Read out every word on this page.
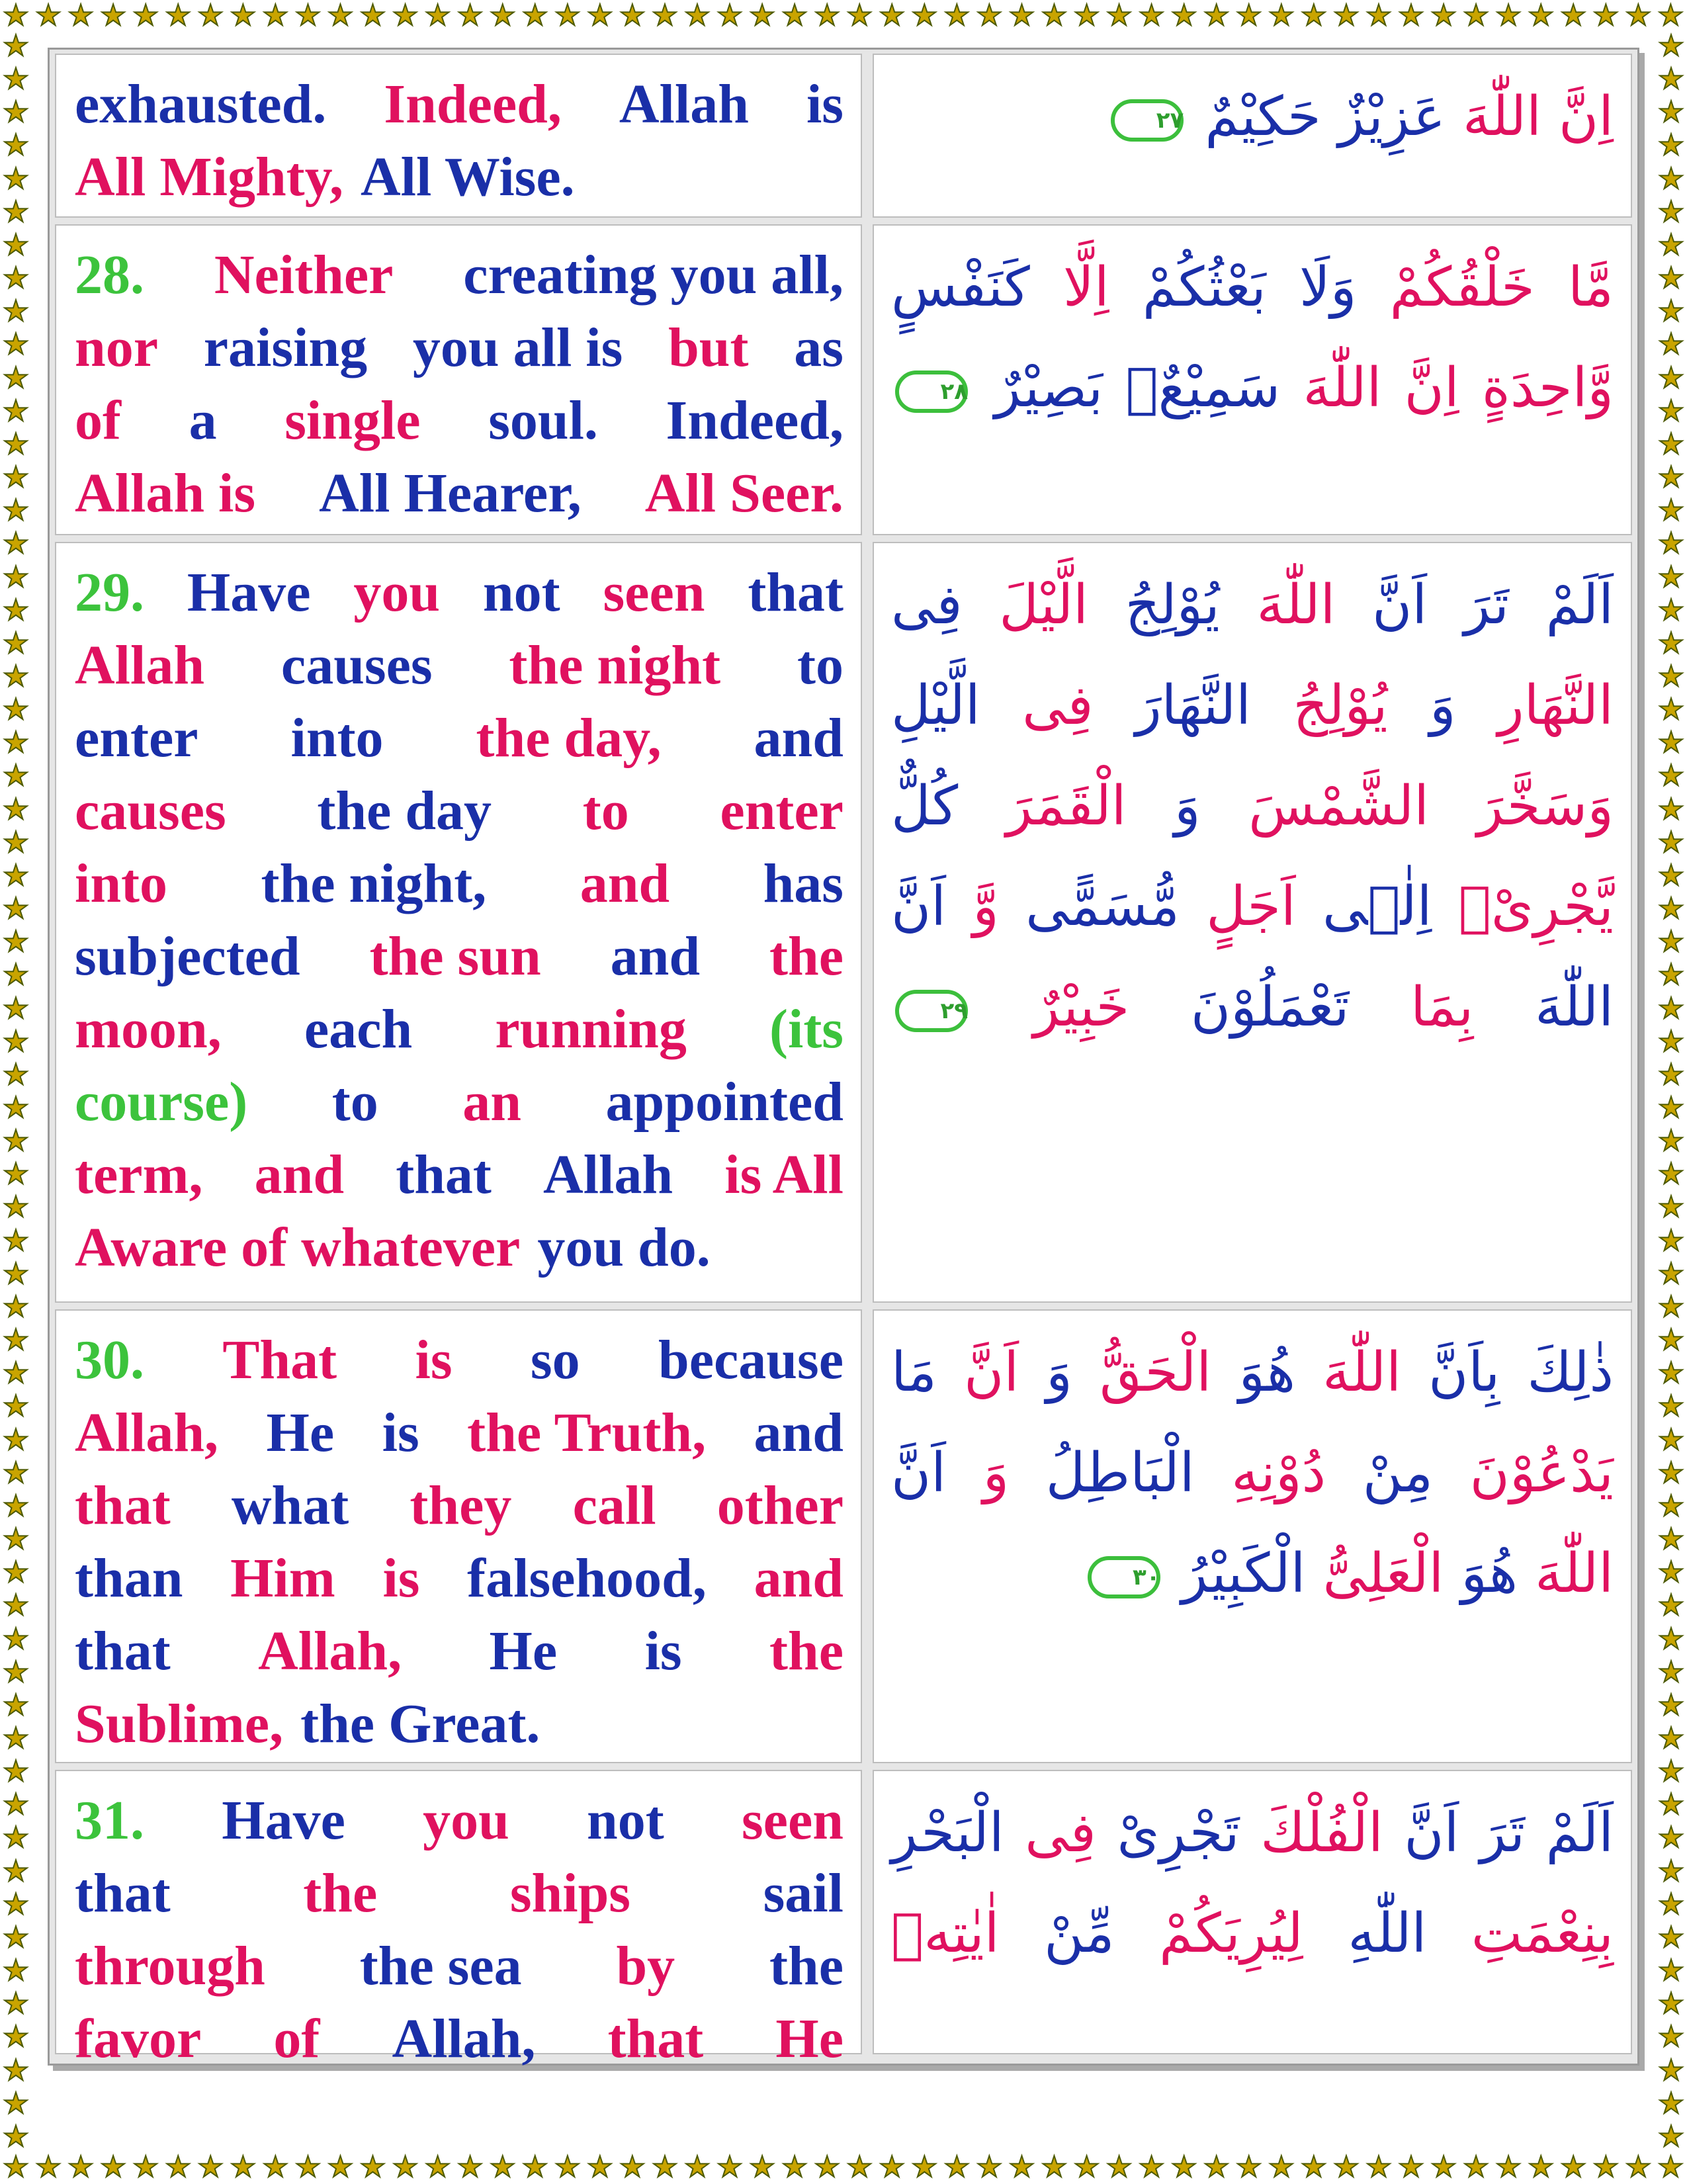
★ ★ ★ ★ ★ ★ ★ ★ ★ ★ ★ ★ ★ ★ ★ ★ ★ ★ ★ ★ ★ ★ ★ ★ ★ ★ ★ ★ ★ ★ ★ ★ ★ ★ ★ ★ ★ ★ ★ ★ ★ ★ ★ ★ ★ ★ ★ ★ ★ ★ ★ ★
★ ★ ★ ★ ★ ★ ★ ★ ★ ★ ★ ★ ★ ★ ★ ★ ★ ★ ★ ★ ★ ★ ★ ★ ★ ★ ★ ★ ★ ★ ★ ★ ★ ★ ★ ★ ★ ★ ★ ★ ★ ★ ★ ★ ★ ★ ★ ★ ★ ★ ★ ★
★
★
★
★
★
★
★
★
★
★
★
★
★
★
★
★
★
★
★
★
★
★
★
★
★
★
★
★
★
★
★
★
★
★
★
★
★
★
★
★
★
★
★
★
★
★
★
★
★
★
★
★
★
★
★
★
★
★
★
★
★
★
★
★
★
★
★
★
★
★
★
★
★
★
★
★
★
★
★
★
★
★
★
★
★
★
★
★
★
★
★
★
★
★
★
★
★
★
★
★
★
★
★
★
★
★
★
★
★
★
★
★
★
★
★
★
★
★
★
★
★
★
★
★
★
★
★
★
exhausted. Indeed, Allah is
All Mighty, All Wise.
اِنَّ اللّٰهَ عَزِیْزٌ حَكِیْمٌ
۲۷
28. Neither creating you all,
nor raising you all is but as
of a single soul. Indeed,
Allah is All Hearer, All Seer.
مَّا خَلْقُكُمْ وَلَا بَعْثُكُمْ اِلَّا كَنَفْسٍ
وَّاحِدَةٍ اِنَّ اللّٰهَ سَمِیْعٌۢ بَصِیْرٌ
۲۸
29. Have you not seen that
Allah causes the night to
enter into the day, and
causes the day to enter
into the night, and has
subjected the sun and the
moon, each running (its
course) to an appointed
term, and that Allah is All
Aware of whatever you do.
اَلَمْ تَرَ اَنَّ اللّٰهَ یُوْلِجُ الَّیْلَ فِی
النَّهَارِ وَ یُوْلِجُ النَّهَارَ فِی الَّیْلِ
وَسَخَّرَ الشَّمْسَ وَ الْقَمَرَ كُلٌّ
یَّجْرِیْۤ اِلٰۤى اَجَلٍ مُّسَمًّى وَّ اَنَّ
اللّٰهَ بِمَا تَعْمَلُوْنَ خَبِیْرٌ
۲۹
30. That is so because
Allah, He is the Truth, and
that what they call other
than Him is falsehood, and
that Allah, He is the
Sublime, the Great.
ذٰلِكَ بِاَنَّ اللّٰهَ هُوَ الْحَقُّ وَ اَنَّ مَا
یَدْعُوْنَ مِنْ دُوْنِهِ الْبَاطِلُ وَ اَنَّ
اللّٰهَ هُوَ الْعَلِیُّ الْكَبِیْرُ
۳۰
31. Have you not seen
that the ships sail
through the sea by the
favor of Allah, that He
اَلَمْ تَرَ اَنَّ الْفُلْكَ تَجْرِیْ فِی الْبَحْرِ
بِنِعْمَتِ اللّٰهِ لِیُرِیَكُمْ مِّنْ اٰیٰتِهٖ
